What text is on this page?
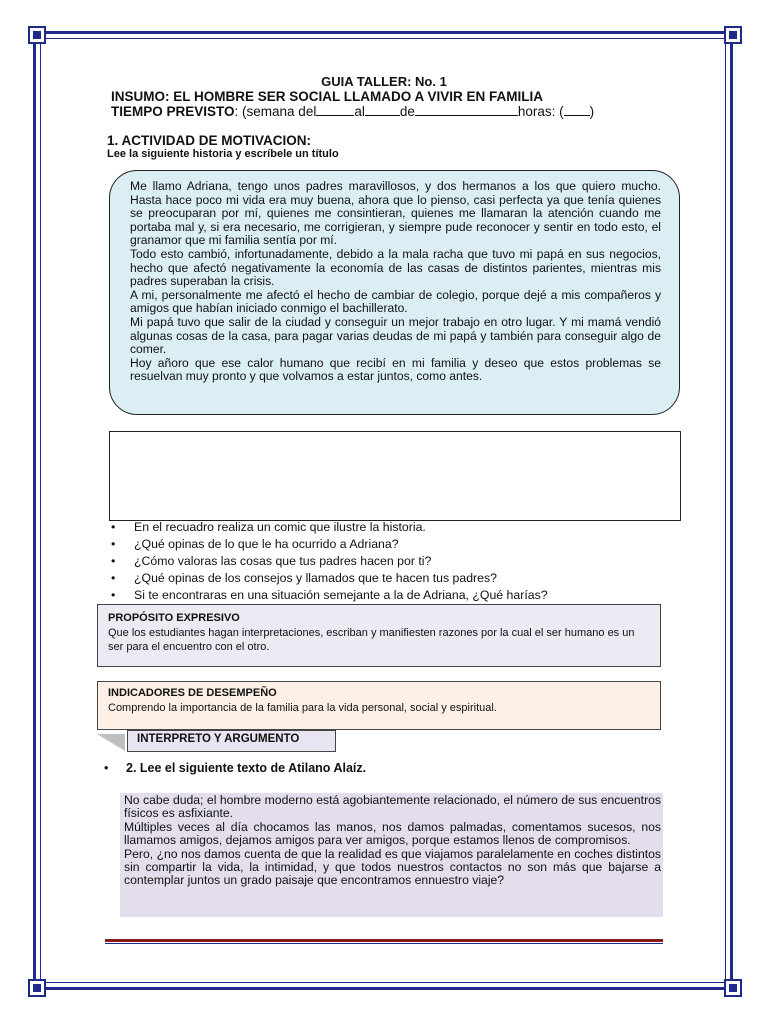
GUIA TALLER: No. 1
INSUMO: EL HOMBRE SER SOCIAL LLAMADO A VIVIR EN FAMILIA
TIEMPO PREVISTO: (semana del	al	de	horas: ( )
1. ACTIVIDAD DE MOTIVACION:
Lee la siguiente historia y escríbele un título

Me llamo Adriana, tengo unos padres maravillosos, y dos hermanos a los que quiero mucho. Hasta hace poco mi vida era muy buena, ahora que lo pienso, casi perfecta ya que tenía quienes se preocuparan por mí, quienes me consintieran, quienes me llamaran la atención cuando me portaba mal y, si era necesario, me corrigieran, y siempre pude reconocer y sentir en todo esto, el granamor que mi familia sentía por mí.

Todo esto cambió, infortunadamente, debido a la mala racha que tuvo mi papá en sus negocios, hecho que afectó negativamente la economía de las casas de distintos parientes, mientras mis padres superaban la crisis.

A mi, personalmente me afectó el hecho de cambiar de colegio, porque dejé a mis compañeros y amigos que habían iniciado conmigo el bachillerato.

Mi papá tuvo que salir de la ciudad y conseguir un mejor trabajo en otro lugar. Y mi mamá vendió algunas cosas de la casa, para pagar varias deudas de mi papá y también para conseguir algo de comer.

Hoy añoro que ese calor humano que recibí en mi familia y deseo que estos problemas se resuelvan muy pronto y que volvamos a estar juntos, como antes.

• En el recuadro realiza un comic que ilustre la historia.
• ¿Qué opinas de lo que le ha ocurrido a Adriana?
• ¿Cómo valoras las cosas que tus padres hacen por ti?
• ¿Qué opinas de los consejos y llamados que te hacen tus padres?
• Si te encontraras en una situación semejante a la de Adriana, ¿Qué harías?
PROPÓSITO EXPRESIVO
Que los estudiantes hagan interpretaciones, escriban y manifiesten razones por la cual el ser humano es un ser para el encuentro con el otro.
INDICADORES DE DESEMPEÑO
Comprendo la importancia de la familia para la vida personal, social y espiritual.
INTERPRETO Y ARGUMENTO
• 2. Lee el siguiente texto de Atilano Alaíz.

No cabe duda; el hombre moderno está agobiantemente relacionado, el número de sus encuentros físicos es asfixiante.

Múltiples veces al día chocamos las manos, nos damos palmadas, comentamos sucesos, nos llamamos amigos, dejamos amigos para ver amigos, porque estamos llenos de compromisos.

Pero, ¿no nos damos cuenta de que la realidad es que viajamos paralelamente en coches distintos sin compartir la vida, la intimidad, y que todos nuestros contactos no son más que bajarse a contemplar juntos un grado paisaje que encontramos ennuestro viaje?
